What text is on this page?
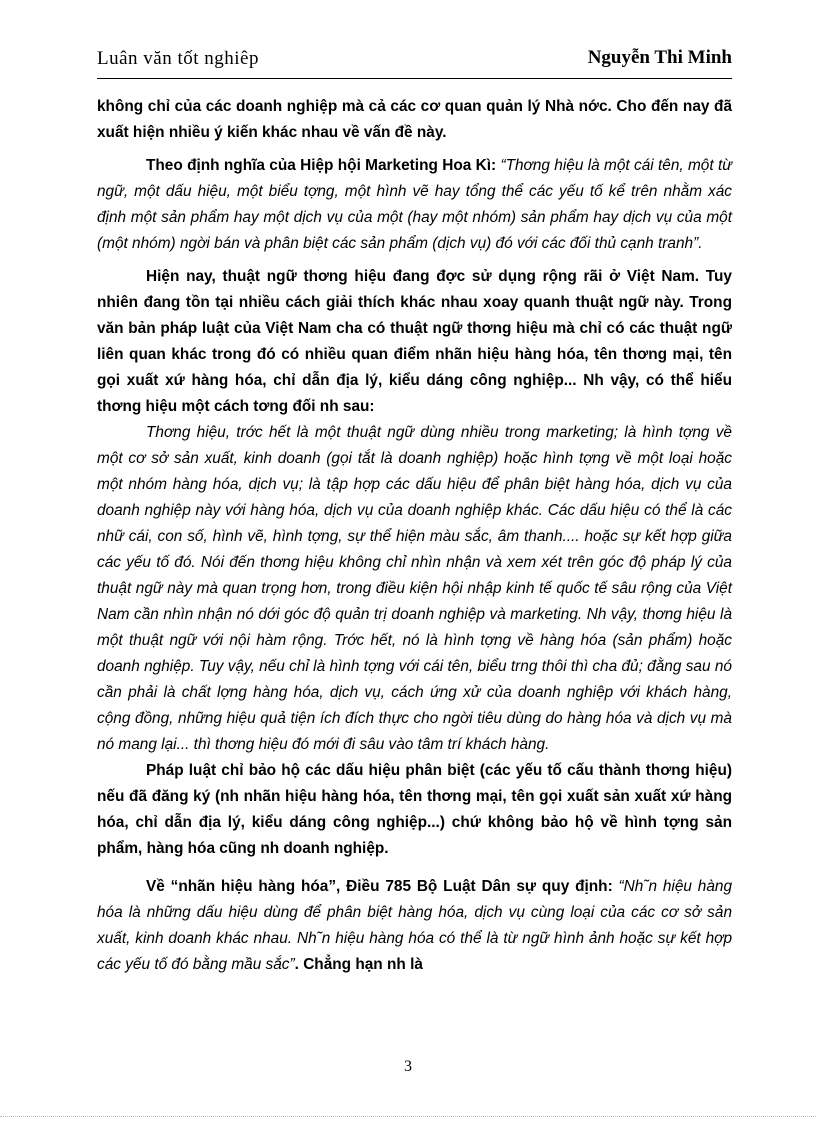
Luân văn tốt nghiêp	Nguyễn Thi Minh

không chỉ của các doanh nghiệp mà cả các cơ quan quản lý Nhà nớc. Cho đến nay đã xuất hiện nhiều ý kiến khác nhau về vấn đề này.

Theo định nghĩa của Hiệp hội Marketing Hoa Kì: “Thơng hiệu là một cái tên, một từ ngữ, một dấu hiệu, một biểu tợng, một hình vẽ hay tổng thể các yếu tố kể trên nhằm xác định một sản phẩm hay một dịch vụ của một (hay một nhóm) sản phẩm hay dịch vụ của một (một nhóm) ngời bán và phân biệt các sản phẩm (dịch vụ) đó với các đối thủ cạnh tranh”.

Hiện nay, thuật ngữ thơng hiệu đang đợc sử dụng rộng rãi ở Việt Nam. Tuy nhiên đang tồn tại nhiều cách giải thích khác nhau xoay quanh thuật ngữ này. Trong văn bản pháp luật của Việt Nam cha có thuật ngữ thơng hiệu mà chỉ có các thuật ngữ liên quan khác trong đó có nhiều quan điểm nhãn hiệu hàng hóa, tên thơng mại, tên gọi xuất xứ hàng hóa, chỉ dẫn địa lý, kiểu dáng công nghiệp... Nh vậy, có thể hiểu thơng hiệu một cách tơng đối nh sau:

Thơng hiệu, trớc hết là một thuật ngữ dùng nhiều trong marketing; là hình tợng về một cơ sở sản xuất, kinh doanh (gọi tắt là doanh nghiệp) hoặc hình tợng về một loại hoặc một nhóm hàng hóa, dịch vụ; là tập hợp các dấu hiệu để phân biệt hàng hóa, dịch vụ của doanh nghiệp này với hàng hóa, dịch vụ của doanh nghiệp khác. Các dấu hiệu có thể là các nhữ cái, con số, hình vẽ, hình tợng, sự thể hiện màu sắc, âm thanh.... hoặc sự kết hợp giữa các yếu tố đó. Nói đến thơng hiệu không chỉ nhìn nhận và xem xét trên góc độ pháp lý của thuật ngữ này mà quan trọng hơn, trong điều kiện hội nhập kinh tế quốc tế sâu rộng của Việt Nam cần nhìn nhận nó dới góc độ quản trị doanh nghiệp và marketing. Nh vậy, thơng hiệu là một thuật ngữ với nội hàm rộng. Trớc hết, nó là hình tợng về hàng hóa (sản phẩm) hoặc doanh nghiệp. Tuy vậy, nếu chỉ là hình tợng với cái tên, biểu trng thôi thì cha đủ; đằng sau nó cần phải là chất lợng hàng hóa, dịch vụ, cách ứng xử của doanh nghiệp với khách hàng, cộng đồng, những hiệu quả tiện ích đích thực cho ngời tiêu dùng do hàng hóa và dịch vụ mà nó mang lại... thì thơng hiệu đó mới đi sâu vào tâm trí khách hàng.

Pháp luật chỉ bảo hộ các dấu hiệu phân biệt (các yếu tố cấu thành thơng hiệu) nếu đã đăng ký (nh nhãn hiệu hàng hóa, tên thơng mại, tên gọi xuất sản xuất xứ hàng hóa, chỉ dẫn địa lý, kiểu dáng công nghiệp...) chứ không bảo hộ về hình tợng sản phẩm, hàng hóa cũng nh doanh nghiệp.

Về “nhãn hiệu hàng hóa”, Điều 785 Bộ Luật Dân sự quy định: “Nh˜n hiệu hàng hóa là những dấu hiệu dùng để phân biệt hàng hóa, dịch vụ cùng loại của các cơ sở sản xuất, kinh doanh khác nhau. Nh˜n hiệu hàng hóa có thể là từ ngữ hình ảnh hoặc sự kết hợp các yếu tố đó bằng mầu sắc”. Chẳng hạn nh là

3
